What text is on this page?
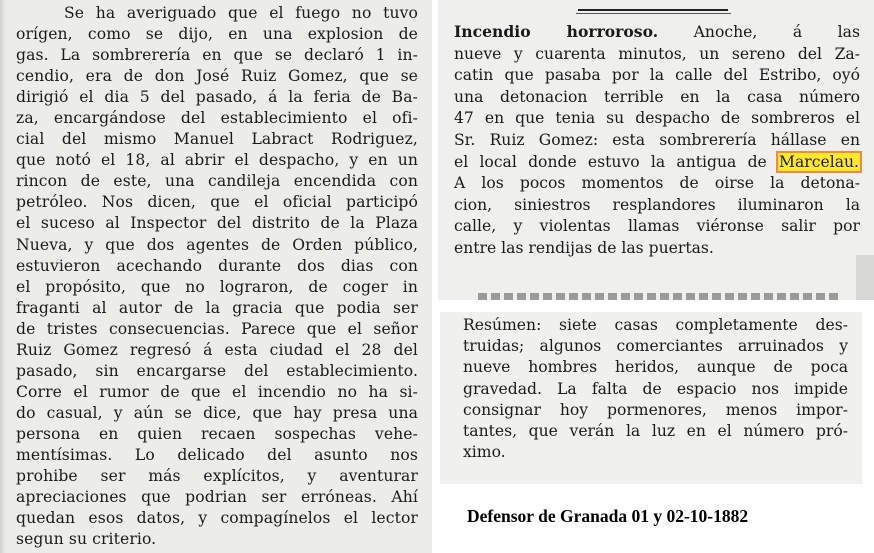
Se ha averiguado que el fuego no tuvo

orígen, como se dijo, en una explosion de

gas. La sombrerería en que se declaró 1 in-

cendio, era de don José Ruiz Gomez, que se

dirigió el dia 5 del pasado, á la feria de Ba-

za, encargándose del establecimiento el ofi-

cial del mismo Manuel Labract Rodriguez,

que notó el 18, al abrir el despacho, y en un

rincon de este, una candileja encendida con

petróleo. Nos dicen, que el oficial participó

el suceso al Inspector del distrito de la Plaza

Nueva, y que dos agentes de Orden público,

estuvieron acechando durante dos dias con

el propósito, que no lograron, de coger in

fraganti al autor de la gracia que podia ser

de tristes consecuencias. Parece que el señor

Ruiz Gomez regresó á esta ciudad el 28 del

pasado, sin encargarse del establecimiento.

Corre el rumor de que el incendio no ha si-

do casual, y aún se dice, que hay presa una

persona en quien recaen sospechas vehe-

mentísimas. Lo delicado del asunto nos

prohibe ser más explícitos, y aventurar

apreciaciones que podrian ser erróneas. Ahí

quedan esos datos, y compagínelos el lector

segun su criterio.

Incendio horroroso. Anoche, á las

nueve y cuarenta minutos, un sereno del Za-

catin que pasaba por la calle del Estribo, oyó

una detonacion terrible en la casa número

47 en que tenia su despacho de sombreros el

Sr. Ruiz Gomez: esta sombrerería hállase en

el local donde estuvo la antigua de Marcelau.

A los pocos momentos de oirse la detona-

cion, siniestros resplandores iluminaron la

calle, y violentas llamas viéronse salir por

entre las rendijas de las puertas.

Resúmen: siete casas completamente des-

truidas; algunos comerciantes arruinados y

nueve hombres heridos, aunque de poca

gravedad. La falta de espacio nos impide

consignar hoy pormenores, menos impor-

tantes, que verán la luz en el número pró-

ximo.

Defensor de Granada 01 y 02-10-1882
